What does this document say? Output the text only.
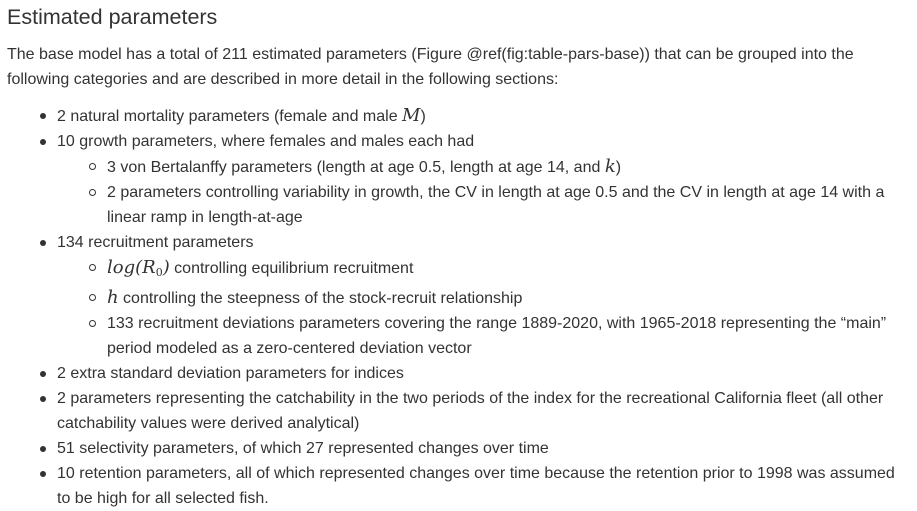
Estimated parameters

The base model has a total of 211 estimated parameters (Figure @ref(fig:table-pars-base)) that can be grouped into the following categories and are described in more detail in the following sections:

2 natural mortality parameters (female and male M)
10 growth parameters, where females and males each had
3 von Bertalanffy parameters (length at age 0.5, length at age 14, and k)
2 parameters controlling variability in growth, the CV in length at age 0.5 and the CV in length at age 14 with a linear ramp in length-at-age
134 recruitment parameters
$\log(R_0)$ controlling equilibrium recruitment
h controlling the steepness of the stock-recruit relationship
133 recruitment deviations parameters covering the range 1889-2020, with 1965-2018 representing the “main” period modeled as a zero-centered deviation vector
2 extra standard deviation parameters for indices
2 parameters representing the catchability in the two periods of the index for the recreational California fleet (all other catchability values were derived analytical)
51 selectivity parameters, of which 27 represented changes over time
10 retention parameters, all of which represented changes over time because the retention prior to 1998 was assumed to be high for all selected fish.
